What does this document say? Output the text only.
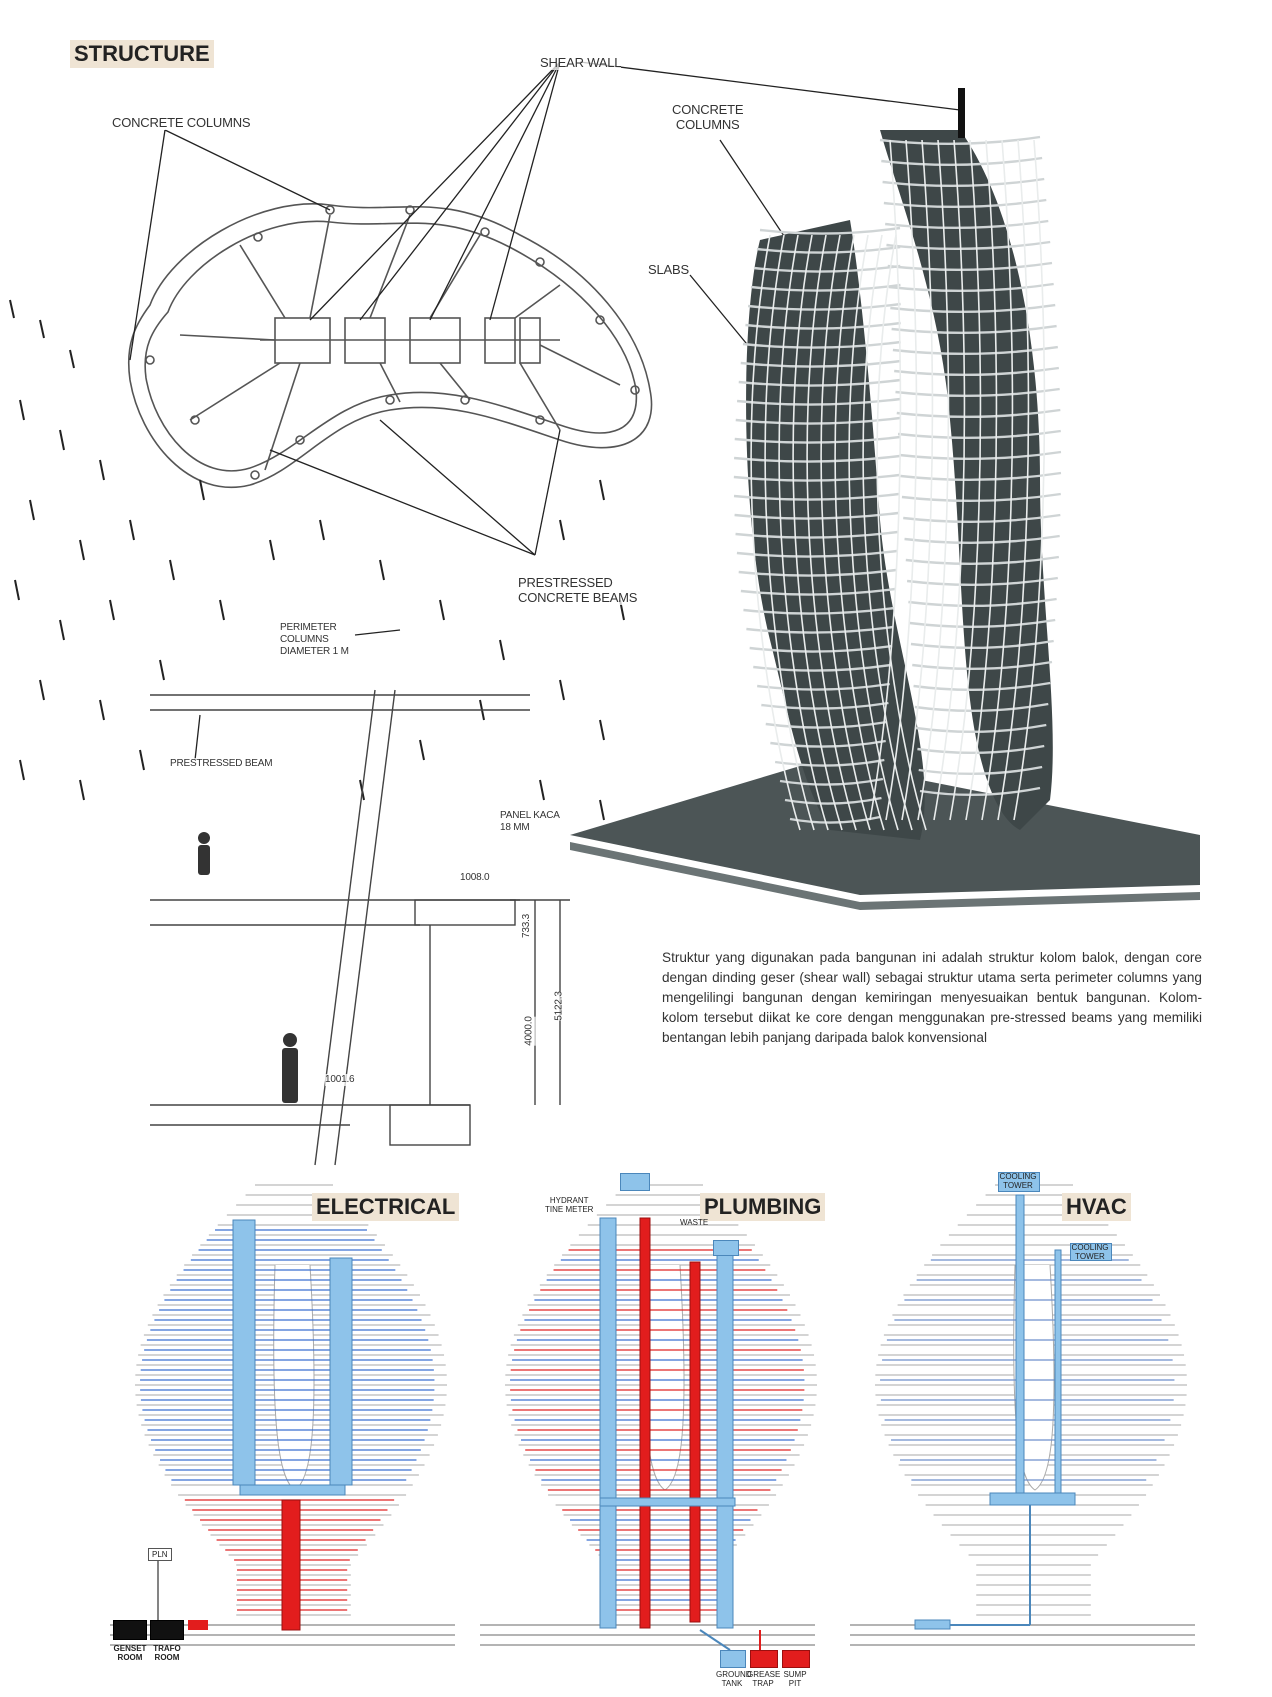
STRUCTURE	SHEAR WALL
CONCRETE COLUMNS
CONCRETE
COLUMNS
SLABS
PRESTRESSED
CONCRETE BEAMS
PERIMETER
COLUMNS
DIAMETER 1 M
PRESTRESSED BEAM
PANEL KACA
18 MM
1008.0
1001.6
733.3
4000.0
5122.3
Struktur yang digunakan pada bangunan ini adalah struktur kolom balok, dengan core dengan dinding geser (shear wall) sebagai struktur utama serta perimeter columns yang mengelilingi bangunan dengan kemiringan menyesuaikan bentuk bangunan. Kolom-kolom tersebut diikat ke core dengan menggunakan pre-stressed beams yang memiliki bentangan lebih panjang daripada balok konvensional
ELECTRICAL	PLUMBING	HVAC
PLN
GENSET
ROOM
TRAFO
ROOM
HYDRANT
TINE METER
WASTE
GROUND
TANK
GREASE
TRAP
SUMP
PIT
COOLING
TOWER
COOLING
TOWER
